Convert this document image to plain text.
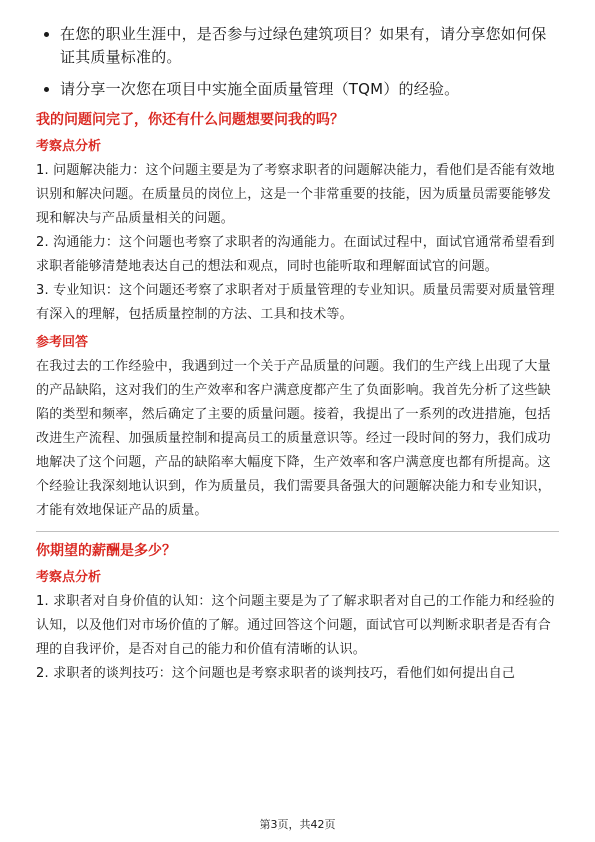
在您的职业生涯中，是否参与过绿色建筑项目？如果有，请分享您如何保证其质量标准的。
请分享一次您在项目中实施全面质量管理（TQM）的经验。
我的问题问完了，你还有什么问题想要问我的吗？
考察点分析

1. 问题解决能力：这个问题主要是为了考察求职者的问题解决能力，看他们是否能有效地识别和解决问题。在质量员的岗位上，这是一个非常重要的技能，因为质量员需要能够发现和解决与产品质量相关的问题。

2. 沟通能力：这个问题也考察了求职者的沟通能力。在面试过程中，面试官通常希望看到求职者能够清楚地表达自己的想法和观点，同时也能听取和理解面试官的问题。

3. 专业知识：这个问题还考察了求职者对于质量管理的专业知识。质量员需要对质量管理有深入的理解，包括质量控制的方法、工具和技术等。

参考回答

在我过去的工作经验中，我遇到过一个关于产品质量的问题。我们的生产线上出现了大量的产品缺陷，这对我们的生产效率和客户满意度都产生了负面影响。我首先分析了这些缺陷的类型和频率，然后确定了主要的质量问题。接着，我提出了一系列的改进措施，包括改进生产流程、加强质量控制和提高员工的质量意识等。经过一段时间的努力，我们成功地解决了这个问题，产品的缺陷率大幅度下降，生产效率和客户满意度也都有所提高。这个经验让我深刻地认识到，作为质量员，我们需要具备强大的问题解决能力和专业知识，才能有效地保证产品的质量。

你期望的薪酬是多少？
考察点分析

1. 求职者对自身价值的认知：这个问题主要是为了了解求职者对自己的工作能力和经验的认知，以及他们对市场价值的了解。通过回答这个问题，面试官可以判断求职者是否有合理的自我评价，是否对自己的能力和价值有清晰的认识。

2. 求职者的谈判技巧：这个问题也是考察求职者的谈判技巧，看他们如何提出自己

第3页，共42页
